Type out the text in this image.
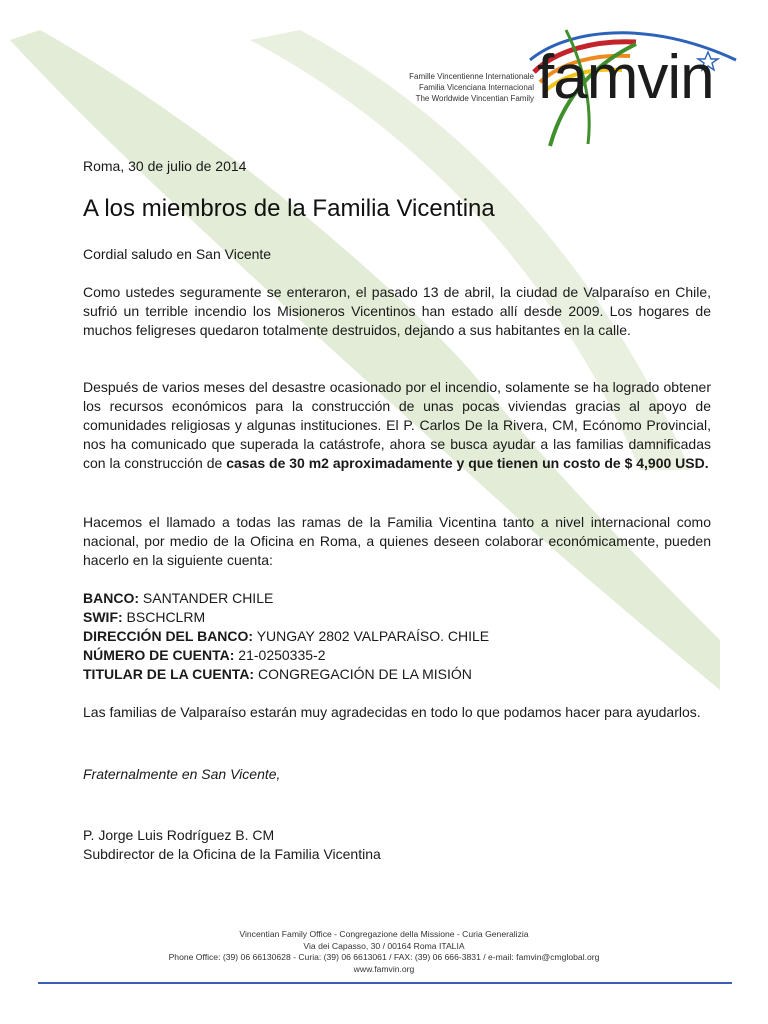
Famille Vincentienne Internationale
Familia Vicenciana Internacional
The Worldwide Vincentian Family famvin
Roma, 30 de julio de 2014
A los miembros de la Familia Vicentina
Cordial saludo en San Vicente
Como ustedes seguramente se enteraron, el pasado 13 de abril, la ciudad de Valparaíso en Chile, sufrió un terrible incendio los Misioneros Vicentinos han estado allí desde 2009. Los hogares de muchos feligreses quedaron totalmente destruidos, dejando a sus habitantes en la calle.
Después de varios meses del desastre ocasionado por el incendio, solamente se ha logrado obtener los recursos económicos para la construcción de unas pocas viviendas gracias al apoyo de comunidades religiosas y algunas instituciones. El P. Carlos De la Rivera, CM, Ecónomo Provincial, nos ha comunicado que superada la catástrofe, ahora se busca ayudar a las familias damnificadas con la construcción de casas de 30 m2 aproximadamente y que tienen un costo de $ 4,900 USD.
Hacemos el llamado a todas las ramas de la Familia Vicentina tanto a nivel internacional como nacional, por medio de la Oficina en Roma, a quienes deseen colaborar económicamente, pueden hacerlo en la siguiente cuenta:
BANCO: SANTANDER CHILE
SWIF: BSCHCLRM
DIRECCIÓN DEL BANCO: YUNGAY 2802 VALPARAÍSO. CHILE
NÚMERO DE CUENTA: 21-0250335-2
TITULAR DE LA CUENTA: CONGREGACIÓN DE LA MISIÓN
Las familias de Valparaíso estarán muy agradecidas en todo lo que podamos hacer para ayudarlos.
Fraternalmente en San Vicente,
P. Jorge Luis Rodríguez B. CM
Subdirector de la Oficina de la Familia Vicentina
Vincentian Family Office - Congregazione della Missione - Curia Generalizia
Via dei Capasso, 30 / 00164 Roma ITALIA
Phone Office: (39) 06 66130628 - Curia: (39) 06 6613061 / FAX: (39) 06 666-3831 / e-mail: famvin@cmglobal.org
www.famvin.org
